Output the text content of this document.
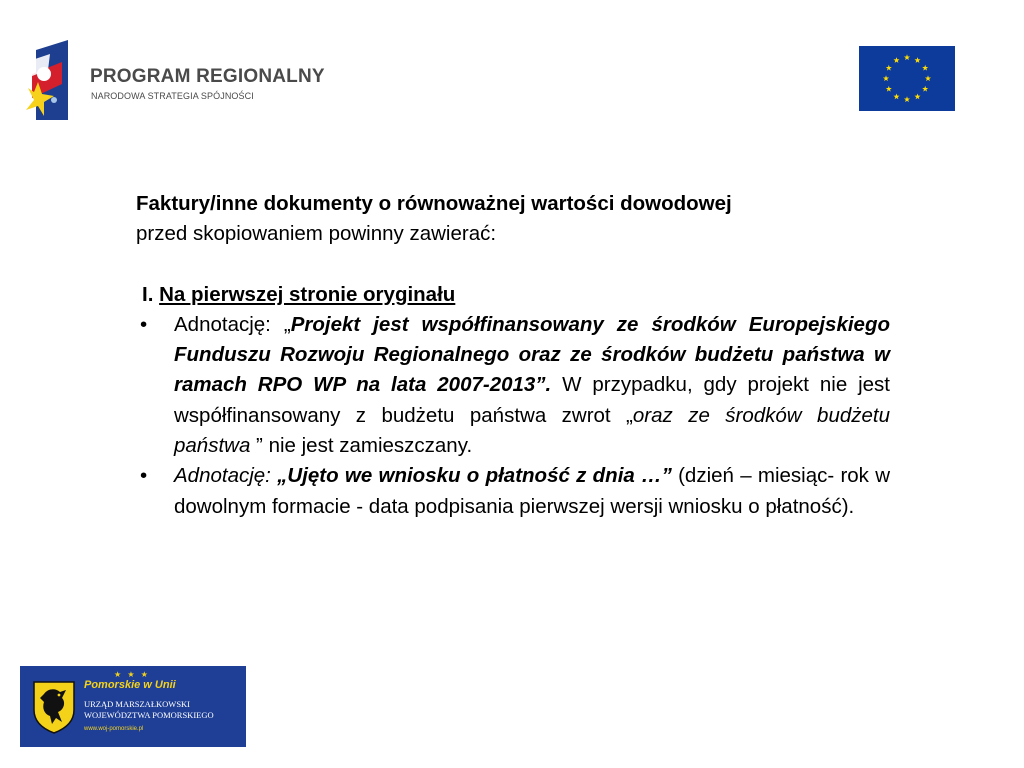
PROGRAM REGIONALNY
NARODOWA STRATEGIA SPÓJNOŚCI

Faktury/inne dokumenty o równoważnej wartości dowodowej
przed skopiowaniem powinny zawierać:

I. Na pierwszej stronie oryginału

• Adnotację: „Projekt jest współfinansowany ze środków Europejskiego Funduszu Rozwoju Regionalnego oraz ze środków budżetu państwa w ramach RPO WP na lata 2007-2013”. W przypadku, gdy projekt nie jest współfinansowany z budżetu państwa zwrot „oraz ze środków budżetu państwa ” nie jest zamieszczany.
• Adnotację: „Ujęto we wniosku o płatność z dnia …” (dzień – miesiąc- rok w dowolnym formacie - data podpisania pierwszej wersji wniosku o płatność).
★ ★ ★
Pomorskie w Unii
URZĄD MARSZAŁKOWSKI
WOJEWÓDZTWA POMORSKIEGO
www.woj-pomorskie.pl
